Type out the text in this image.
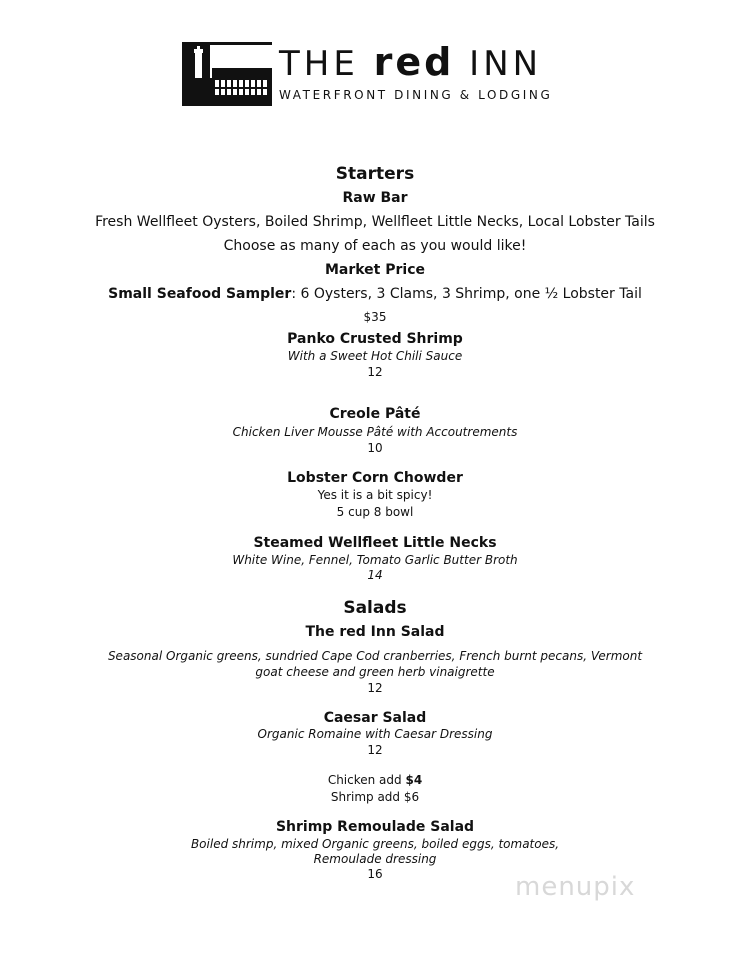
THE red INN
WATERFRONT DINING & LODGING
Starters
Raw Bar
Fresh Wellfleet Oysters, Boiled Shrimp, Wellfleet Little Necks, Local Lobster Tails
Choose as many of each as you would like!
Market Price
Small Seafood Sampler: 6 Oysters, 3 Clams, 3 Shrimp, one ½ Lobster Tail
$35
Panko Crusted Shrimp
With a Sweet Hot Chili Sauce
12
Creole Pâté
Chicken Liver Mousse Pâté with Accoutrements
10
Lobster Corn Chowder
Yes it is a bit spicy!
5 cup 8 bowl
Steamed Wellfleet Little Necks
White Wine, Fennel, Tomato Garlic Butter Broth
14
Salads
The red Inn Salad
Seasonal Organic greens, sundried Cape Cod cranberries, French burnt pecans, Vermont
goat cheese and green herb vinaigrette
12
Caesar Salad
Organic Romaine with Caesar Dressing
12
Chicken add $4
Shrimp add $6
Shrimp Remoulade Salad
Boiled shrimp, mixed Organic greens, boiled eggs, tomatoes,
Remoulade dressing
16	menupix
